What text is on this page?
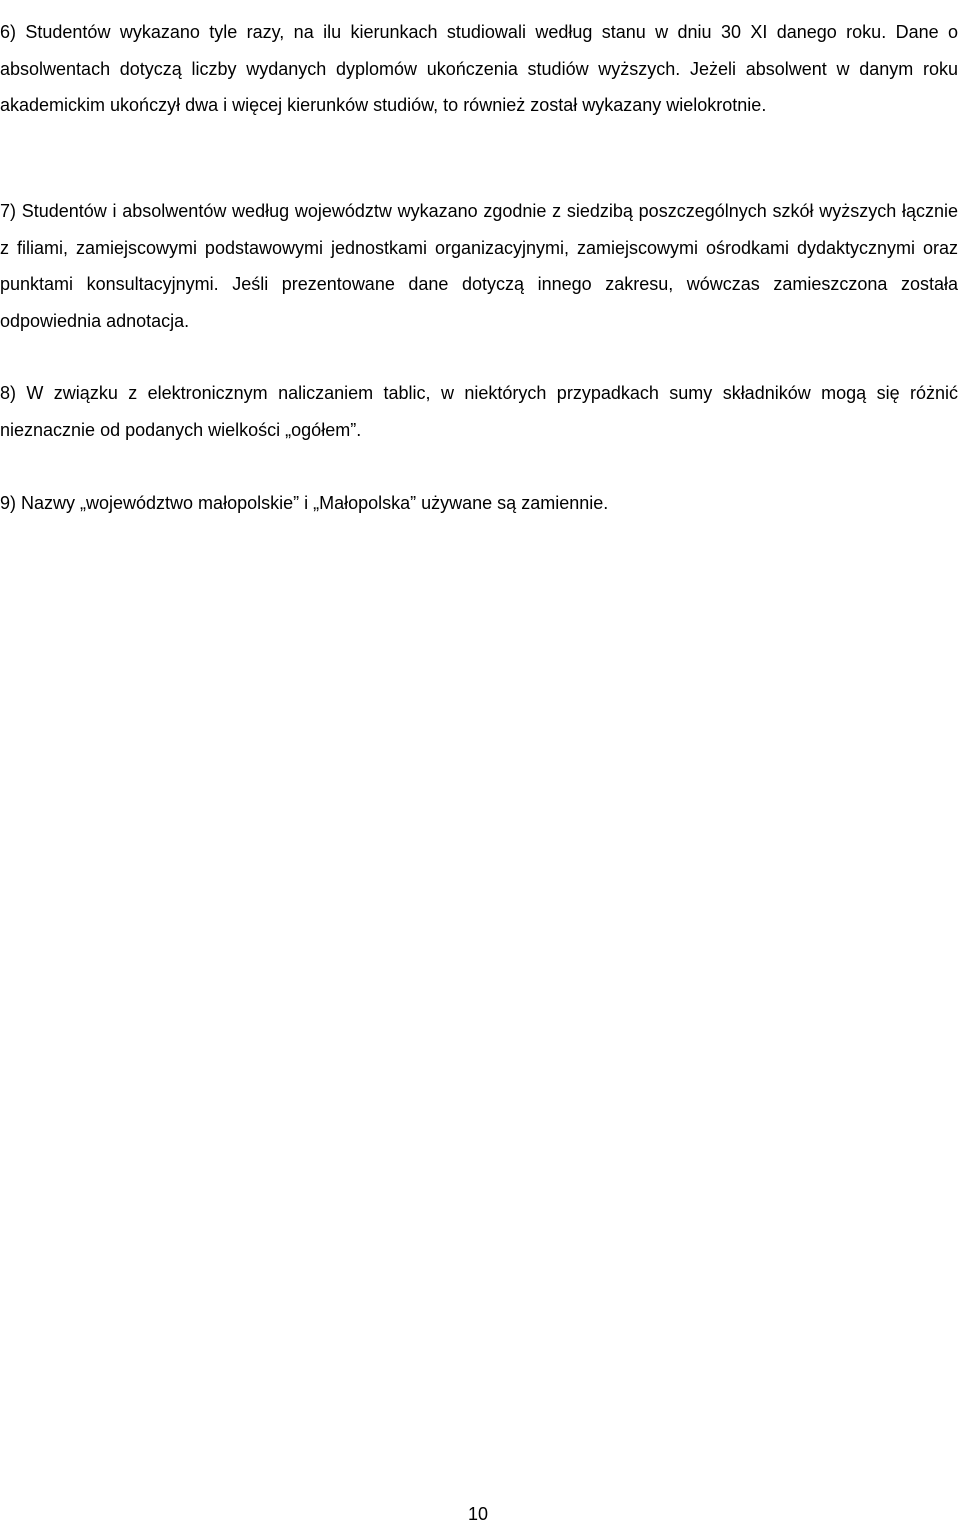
6) Studentów wykazano tyle razy, na ilu kierunkach studiowali według stanu w dniu 30 XI danego roku. Dane o absolwentach dotyczą liczby wydanych dyplomów ukończenia studiów wyższych. Jeżeli absolwent w danym roku akademickim ukończył dwa i więcej kierunków studiów, to również został wykazany wielokrotnie.

7) Studentów i absolwentów według województw wykazano zgodnie z siedzibą poszczególnych szkół wyższych łącznie z filiami, zamiejscowymi podstawowymi jednostkami organizacyjnymi, zamiejscowymi ośrodkami dydaktycznymi oraz punktami konsultacyjnymi. Jeśli prezentowane dane dotyczą innego zakresu, wówczas zamieszczona została odpowiednia adnotacja.

8) W związku z elektronicznym naliczaniem tablic, w niektórych przypadkach sumy składników mogą się różnić nieznacznie od podanych wielkości „ogółem”.

9) Nazwy „województwo małopolskie” i „Małopolska” używane są zamiennie.

10
